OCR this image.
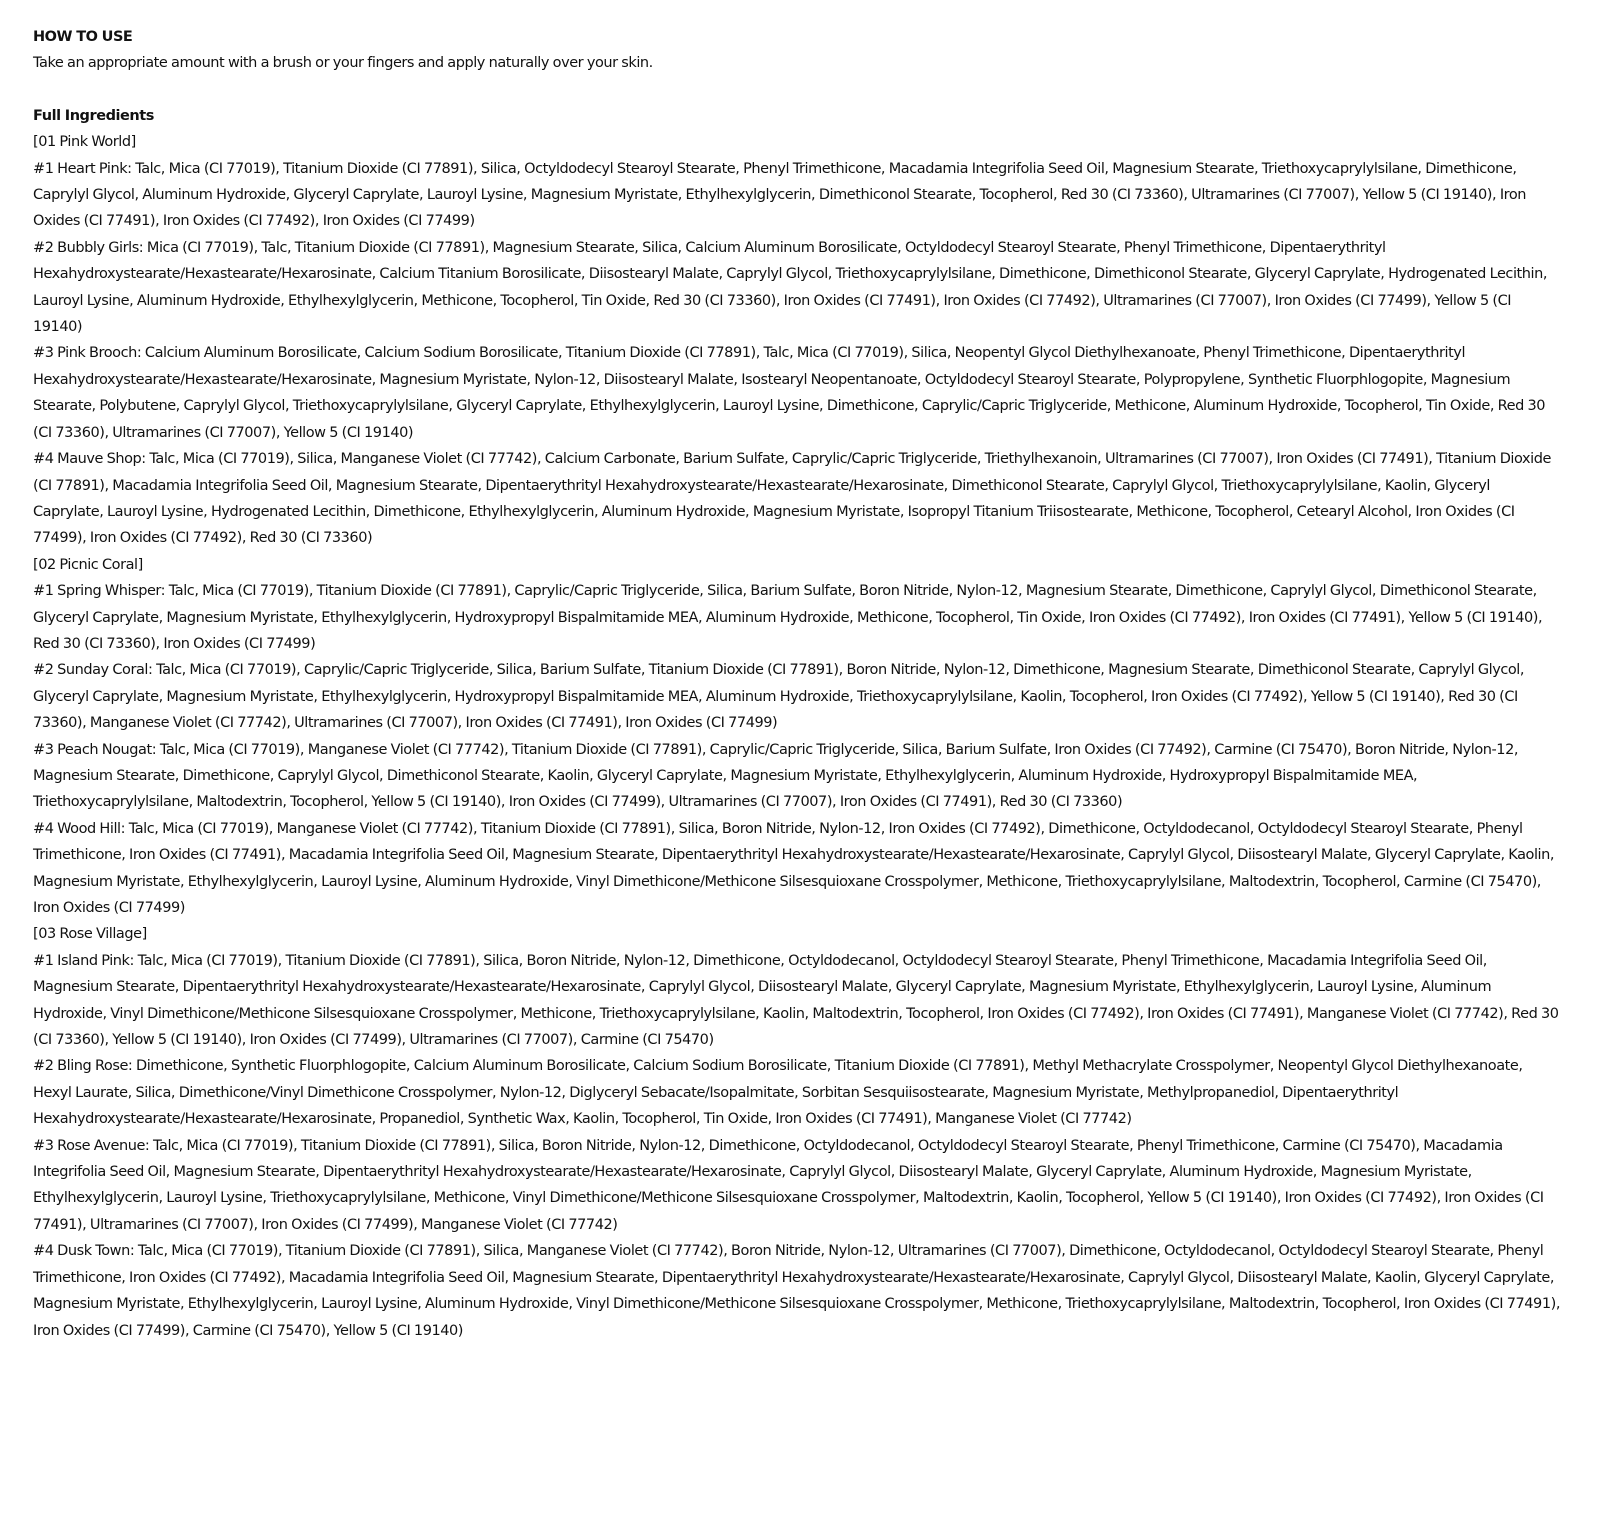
HOW TO USE

Take an appropriate amount with a brush or your fingers and apply naturally over your skin.

Full Ingredients

[01 Pink World]

#1 Heart Pink: Talc, Mica (CI 77019), Titanium Dioxide (CI 77891), Silica, Octyldodecyl Stearoyl Stearate, Phenyl Trimethicone, Macadamia Integrifolia Seed Oil, Magnesium Stearate, Triethoxycaprylylsilane, Dimethicone, Caprylyl Glycol, Aluminum Hydroxide, Glyceryl Caprylate, Lauroyl Lysine, Magnesium Myristate, Ethylhexylglycerin, Dimethiconol Stearate, Tocopherol, Red 30 (CI 73360), Ultramarines (CI 77007), Yellow 5 (CI 19140), Iron Oxides (CI 77491), Iron Oxides (CI 77492), Iron Oxides (CI 77499)

#2 Bubbly Girls: Mica (CI 77019), Talc, Titanium Dioxide (CI 77891), Magnesium Stearate, Silica, Calcium Aluminum Borosilicate, Octyldodecyl Stearoyl Stearate, Phenyl Trimethicone, Dipentaerythrityl Hexahydroxystearate/Hexastearate/Hexarosinate, Calcium Titanium Borosilicate, Diisostearyl Malate, Caprylyl Glycol, Triethoxycaprylylsilane, Dimethicone, Dimethiconol Stearate, Glyceryl Caprylate, Hydrogenated Lecithin, Lauroyl Lysine, Aluminum Hydroxide, Ethylhexylglycerin, Methicone, Tocopherol, Tin Oxide, Red 30 (CI 73360), Iron Oxides (CI 77491), Iron Oxides (CI 77492), Ultramarines (CI 77007), Iron Oxides (CI 77499), Yellow 5 (CI 19140)

#3 Pink Brooch: Calcium Aluminum Borosilicate, Calcium Sodium Borosilicate, Titanium Dioxide (CI 77891), Talc, Mica (CI 77019), Silica, Neopentyl Glycol Diethylhexanoate, Phenyl Trimethicone, Dipentaerythrityl Hexahydroxystearate/Hexastearate/Hexarosinate, Magnesium Myristate, Nylon-12, Diisostearyl Malate, Isostearyl Neopentanoate, Octyldodecyl Stearoyl Stearate, Polypropylene, Synthetic Fluorphlogopite, Magnesium Stearate, Polybutene, Caprylyl Glycol, Triethoxycaprylylsilane, Glyceryl Caprylate, Ethylhexylglycerin, Lauroyl Lysine, Dimethicone, Caprylic/Capric Triglyceride, Methicone, Aluminum Hydroxide, Tocopherol, Tin Oxide, Red 30 (CI 73360), Ultramarines (CI 77007), Yellow 5 (CI 19140)

#4 Mauve Shop: Talc, Mica (CI 77019), Silica, Manganese Violet (CI 77742), Calcium Carbonate, Barium Sulfate, Caprylic/Capric Triglyceride, Triethylhexanoin, Ultramarines (CI 77007), Iron Oxides (CI 77491), Titanium Dioxide (CI 77891), Macadamia Integrifolia Seed Oil, Magnesium Stearate, Dipentaerythrityl Hexahydroxystearate/Hexastearate/Hexarosinate, Dimethiconol Stearate, Caprylyl Glycol, Triethoxycaprylylsilane, Kaolin, Glyceryl Caprylate, Lauroyl Lysine, Hydrogenated Lecithin, Dimethicone, Ethylhexylglycerin, Aluminum Hydroxide, Magnesium Myristate, Isopropyl Titanium Triisostearate, Methicone, Tocopherol, Cetearyl Alcohol, Iron Oxides (CI 77499), Iron Oxides (CI 77492), Red 30 (CI 73360)

[02 Picnic Coral]

#1 Spring Whisper: Talc, Mica (CI 77019), Titanium Dioxide (CI 77891), Caprylic/Capric Triglyceride, Silica, Barium Sulfate, Boron Nitride, Nylon-12, Magnesium Stearate, Dimethicone, Caprylyl Glycol, Dimethiconol Stearate, Glyceryl Caprylate, Magnesium Myristate, Ethylhexylglycerin, Hydroxypropyl Bispalmitamide MEA, Aluminum Hydroxide, Methicone, Tocopherol, Tin Oxide, Iron Oxides (CI 77492), Iron Oxides (CI 77491), Yellow 5 (CI 19140), Red 30 (CI 73360), Iron Oxides (CI 77499)

#2 Sunday Coral: Talc, Mica (CI 77019), Caprylic/Capric Triglyceride, Silica, Barium Sulfate, Titanium Dioxide (CI 77891), Boron Nitride, Nylon-12, Dimethicone, Magnesium Stearate, Dimethiconol Stearate, Caprylyl Glycol, Glyceryl Caprylate, Magnesium Myristate, Ethylhexylglycerin, Hydroxypropyl Bispalmitamide MEA, Aluminum Hydroxide, Triethoxycaprylylsilane, Kaolin, Tocopherol, Iron Oxides (CI 77492), Yellow 5 (CI 19140), Red 30 (CI 73360), Manganese Violet (CI 77742), Ultramarines (CI 77007), Iron Oxides (CI 77491), Iron Oxides (CI 77499)

#3 Peach Nougat: Talc, Mica (CI 77019), Manganese Violet (CI 77742), Titanium Dioxide (CI 77891), Caprylic/Capric Triglyceride, Silica, Barium Sulfate, Iron Oxides (CI 77492), Carmine (CI 75470), Boron Nitride, Nylon-12, Magnesium Stearate, Dimethicone, Caprylyl Glycol, Dimethiconol Stearate, Kaolin, Glyceryl Caprylate, Magnesium Myristate, Ethylhexylglycerin, Aluminum Hydroxide, Hydroxypropyl Bispalmitamide MEA, Triethoxycaprylylsilane, Maltodextrin, Tocopherol, Yellow 5 (CI 19140), Iron Oxides (CI 77499), Ultramarines (CI 77007), Iron Oxides (CI 77491), Red 30 (CI 73360)

#4 Wood Hill: Talc, Mica (CI 77019), Manganese Violet (CI 77742), Titanium Dioxide (CI 77891), Silica, Boron Nitride, Nylon-12, Iron Oxides (CI 77492), Dimethicone, Octyldodecanol, Octyldodecyl Stearoyl Stearate, Phenyl Trimethicone, Iron Oxides (CI 77491), Macadamia Integrifolia Seed Oil, Magnesium Stearate, Dipentaerythrityl Hexahydroxystearate/Hexastearate/Hexarosinate, Caprylyl Glycol, Diisostearyl Malate, Glyceryl Caprylate, Kaolin, Magnesium Myristate, Ethylhexylglycerin, Lauroyl Lysine, Aluminum Hydroxide, Vinyl Dimethicone/Methicone Silsesquioxane Crosspolymer, Methicone, Triethoxycaprylylsilane, Maltodextrin, Tocopherol, Carmine (CI 75470), Iron Oxides (CI 77499)

[03 Rose Village]

#1 Island Pink: Talc, Mica (CI 77019), Titanium Dioxide (CI 77891), Silica, Boron Nitride, Nylon-12, Dimethicone, Octyldodecanol, Octyldodecyl Stearoyl Stearate, Phenyl Trimethicone, Macadamia Integrifolia Seed Oil, Magnesium Stearate, Dipentaerythrityl Hexahydroxystearate/Hexastearate/Hexarosinate, Caprylyl Glycol, Diisostearyl Malate, Glyceryl Caprylate, Magnesium Myristate, Ethylhexylglycerin, Lauroyl Lysine, Aluminum Hydroxide, Vinyl Dimethicone/Methicone Silsesquioxane Crosspolymer, Methicone, Triethoxycaprylylsilane, Kaolin, Maltodextrin, Tocopherol, Iron Oxides (CI 77492), Iron Oxides (CI 77491), Manganese Violet (CI 77742), Red 30 (CI 73360), Yellow 5 (CI 19140), Iron Oxides (CI 77499), Ultramarines (CI 77007), Carmine (CI 75470)

#2 Bling Rose: Dimethicone, Synthetic Fluorphlogopite, Calcium Aluminum Borosilicate, Calcium Sodium Borosilicate, Titanium Dioxide (CI 77891), Methyl Methacrylate Crosspolymer, Neopentyl Glycol Diethylhexanoate, Hexyl Laurate, Silica, Dimethicone/Vinyl Dimethicone Crosspolymer, Nylon-12, Diglyceryl Sebacate/Isopalmitate, Sorbitan Sesquiisostearate, Magnesium Myristate, Methylpropanediol, Dipentaerythrityl Hexahydroxystearate/Hexastearate/Hexarosinate, Propanediol, Synthetic Wax, Kaolin, Tocopherol, Tin Oxide, Iron Oxides (CI 77491), Manganese Violet (CI 77742)

#3 Rose Avenue: Talc, Mica (CI 77019), Titanium Dioxide (CI 77891), Silica, Boron Nitride, Nylon-12, Dimethicone, Octyldodecanol, Octyldodecyl Stearoyl Stearate, Phenyl Trimethicone, Carmine (CI 75470), Macadamia Integrifolia Seed Oil, Magnesium Stearate, Dipentaerythrityl Hexahydroxystearate/Hexastearate/Hexarosinate, Caprylyl Glycol, Diisostearyl Malate, Glyceryl Caprylate, Aluminum Hydroxide, Magnesium Myristate, Ethylhexylglycerin, Lauroyl Lysine, Triethoxycaprylylsilane, Methicone, Vinyl Dimethicone/Methicone Silsesquioxane Crosspolymer, Maltodextrin, Kaolin, Tocopherol, Yellow 5 (CI 19140), Iron Oxides (CI 77492), Iron Oxides (CI 77491), Ultramarines (CI 77007), Iron Oxides (CI 77499), Manganese Violet (CI 77742)

#4 Dusk Town: Talc, Mica (CI 77019), Titanium Dioxide (CI 77891), Silica, Manganese Violet (CI 77742), Boron Nitride, Nylon-12, Ultramarines (CI 77007), Dimethicone, Octyldodecanol, Octyldodecyl Stearoyl Stearate, Phenyl Trimethicone, Iron Oxides (CI 77492), Macadamia Integrifolia Seed Oil, Magnesium Stearate, Dipentaerythrityl Hexahydroxystearate/Hexastearate/Hexarosinate, Caprylyl Glycol, Diisostearyl Malate, Kaolin, Glyceryl Caprylate, Magnesium Myristate, Ethylhexylglycerin, Lauroyl Lysine, Aluminum Hydroxide, Vinyl Dimethicone/Methicone Silsesquioxane Crosspolymer, Methicone, Triethoxycaprylylsilane, Maltodextrin, Tocopherol, Iron Oxides (CI 77491), Iron Oxides (CI 77499), Carmine (CI 75470), Yellow 5 (CI 19140)
